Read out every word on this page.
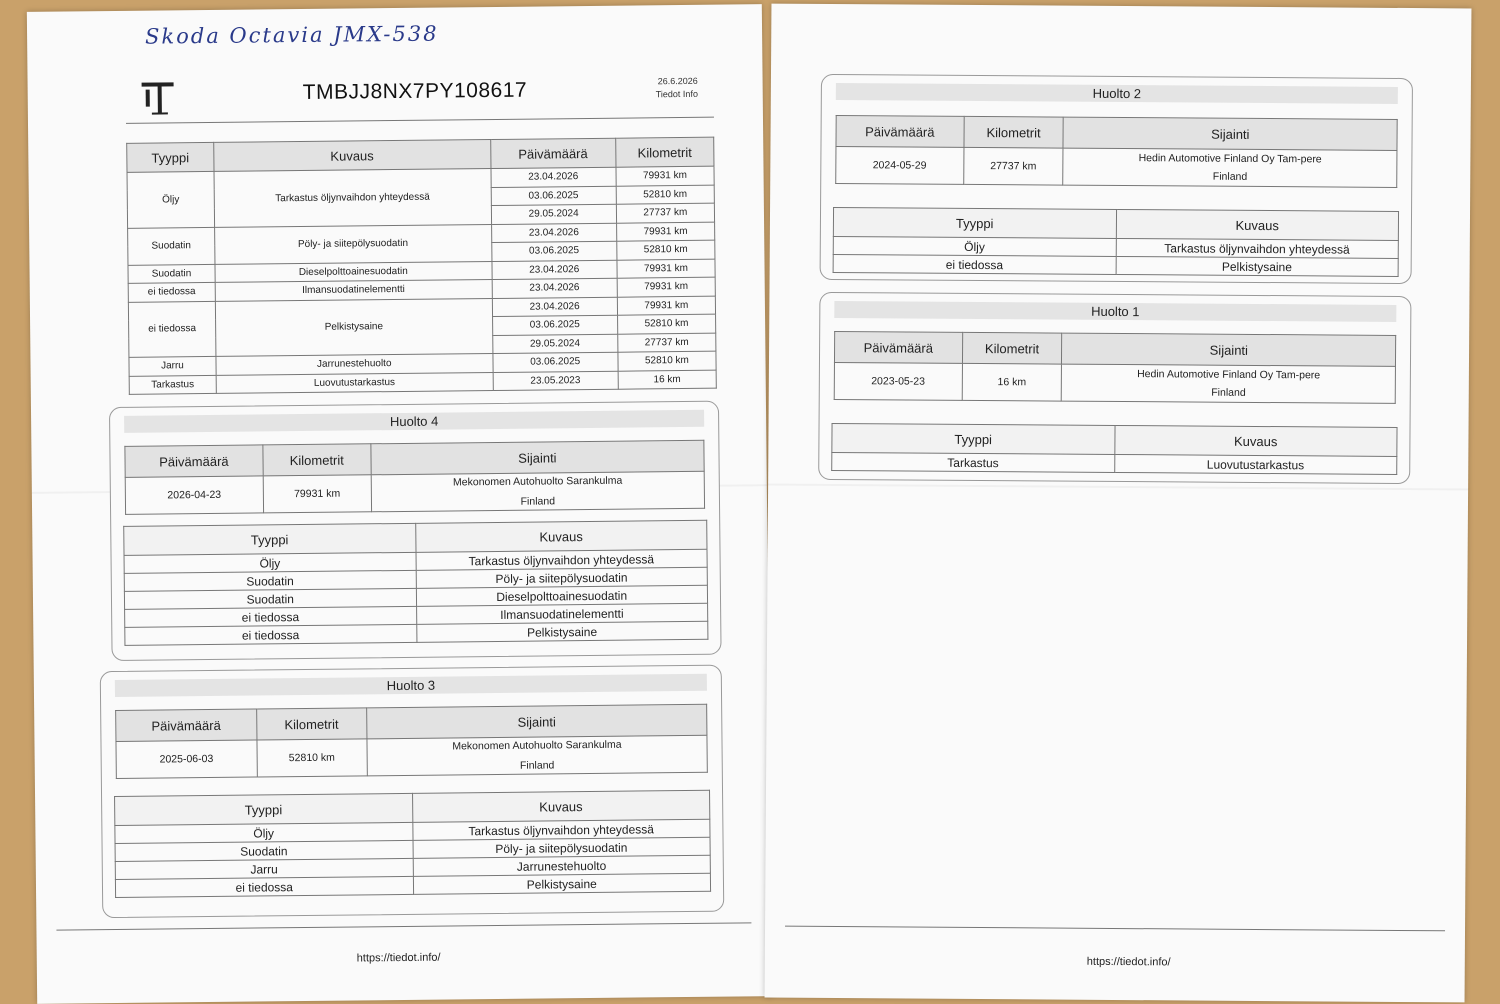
Skoda Octavia JMX-538
TMBJJ8NX7PY108617	26.6.2026
Tiedot Info
Tyyppi	Kuvaus	Päivämäärä	Kilometrit
Öljy	Tarkastus öljynvaihdon yhteydessä	23.04.2026	79931 km
		03.06.2025	52810 km
		29.05.2024	27737 km
Suodatin	Pöly- ja siitepölysuodatin	23.04.2026	79931 km
		03.06.2025	52810 km
Suodatin	Dieselpolttoainesuodatin	23.04.2026	79931 km
ei tiedossa	Ilmansuodatinelementti	23.04.2026	79931 km
ei tiedossa	Pelkistysaine	23.04.2026	79931 km
		03.06.2025	52810 km
		29.05.2024	27737 km
Jarru	Jarrunestehuolto	03.06.2025	52810 km
Tarkastus	Luovutustarkastus	23.05.2023	16 km
Huolto 4
Päivämäärä	Kilometrit	Sijainti
2026-04-23	79931 km	Mekonomen Autohuolto Sarankulma
Finland
Tyyppi	Kuvaus
Öljy	Tarkastus öljynvaihdon yhteydessä
Suodatin	Pöly- ja siitepölysuodatin
Suodatin	Dieselpolttoainesuodatin
ei tiedossa	Ilmansuodatinelementti
ei tiedossa	Pelkistysaine
Huolto 3
Päivämäärä	Kilometrit	Sijainti
2025-06-03	52810 km	Mekonomen Autohuolto Sarankulma
Finland
Tyyppi	Kuvaus
Öljy	Tarkastus öljynvaihdon yhteydessä
Suodatin	Pöly- ja siitepölysuodatin
Jarru	Jarrunestehuolto
ei tiedossa	Pelkistysaine
https://tiedot.info/
Huolto 2
Päivämäärä	Kilometrit	Sijainti
2024-05-29	27737 km	Hedin Automotive Finland Oy Tam-pere
Finland
Tyyppi	Kuvaus
Öljy	Tarkastus öljynvaihdon yhteydessä
ei tiedossa	Pelkistysaine
Huolto 1
Päivämäärä	Kilometrit	Sijainti
2023-05-23	16 km	Hedin Automotive Finland Oy Tam-pere
Finland
Tyyppi	Kuvaus
Tarkastus	Luovutustarkastus
https://tiedot.info/
